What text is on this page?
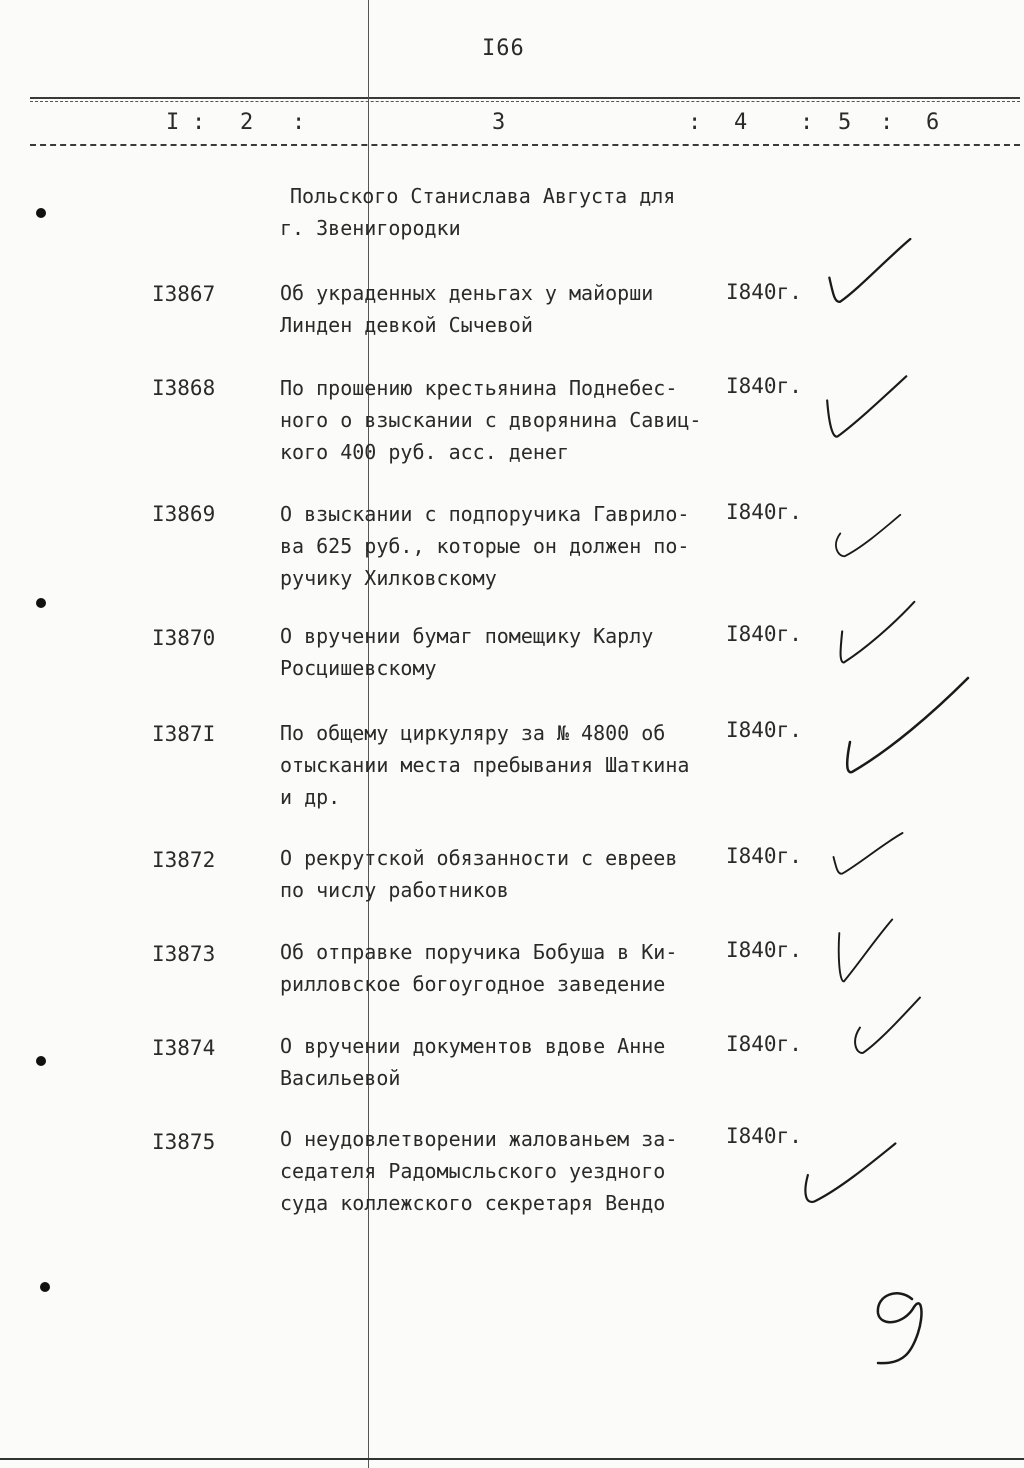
I66
I : 2 :	3	: 4 : 5 : 6
Польского Станислава Августа для
г. Звенигородки
I3867	Об украденных деньгах у майорши
Линден девкой Сычевой
I840г.
I3868	По прошению крестьянина Поднебес-
ного о взыскании с дворянина Савиц-
кого 400 руб. асс. денег
I840г.
I3869	О взыскании с подпоручика Гаврило-
ва 625 руб., которые он должен по-
ручику Хилковскому
I840г.
I3870	О вручении бумаг помещику Карлу
Росцишевскому
I840г.
I387I	По общему циркуляру за № 4800 об
отыскании места пребывания Шаткина
и др.
I840г.
I3872	О рекрутской обязанности с евреев
по числу работников
I840г.
I3873	Об отправке поручика Бобуша в Ки-
рилловское богоугодное заведение
I840г.
I3874	О вручении документов вдове Анне
Васильевой
I840г.
I3875	О неудовлетворении жалованьем за-
седателя Радомысльского уездного
суда коллежского секретаря Вендо
I840г.
